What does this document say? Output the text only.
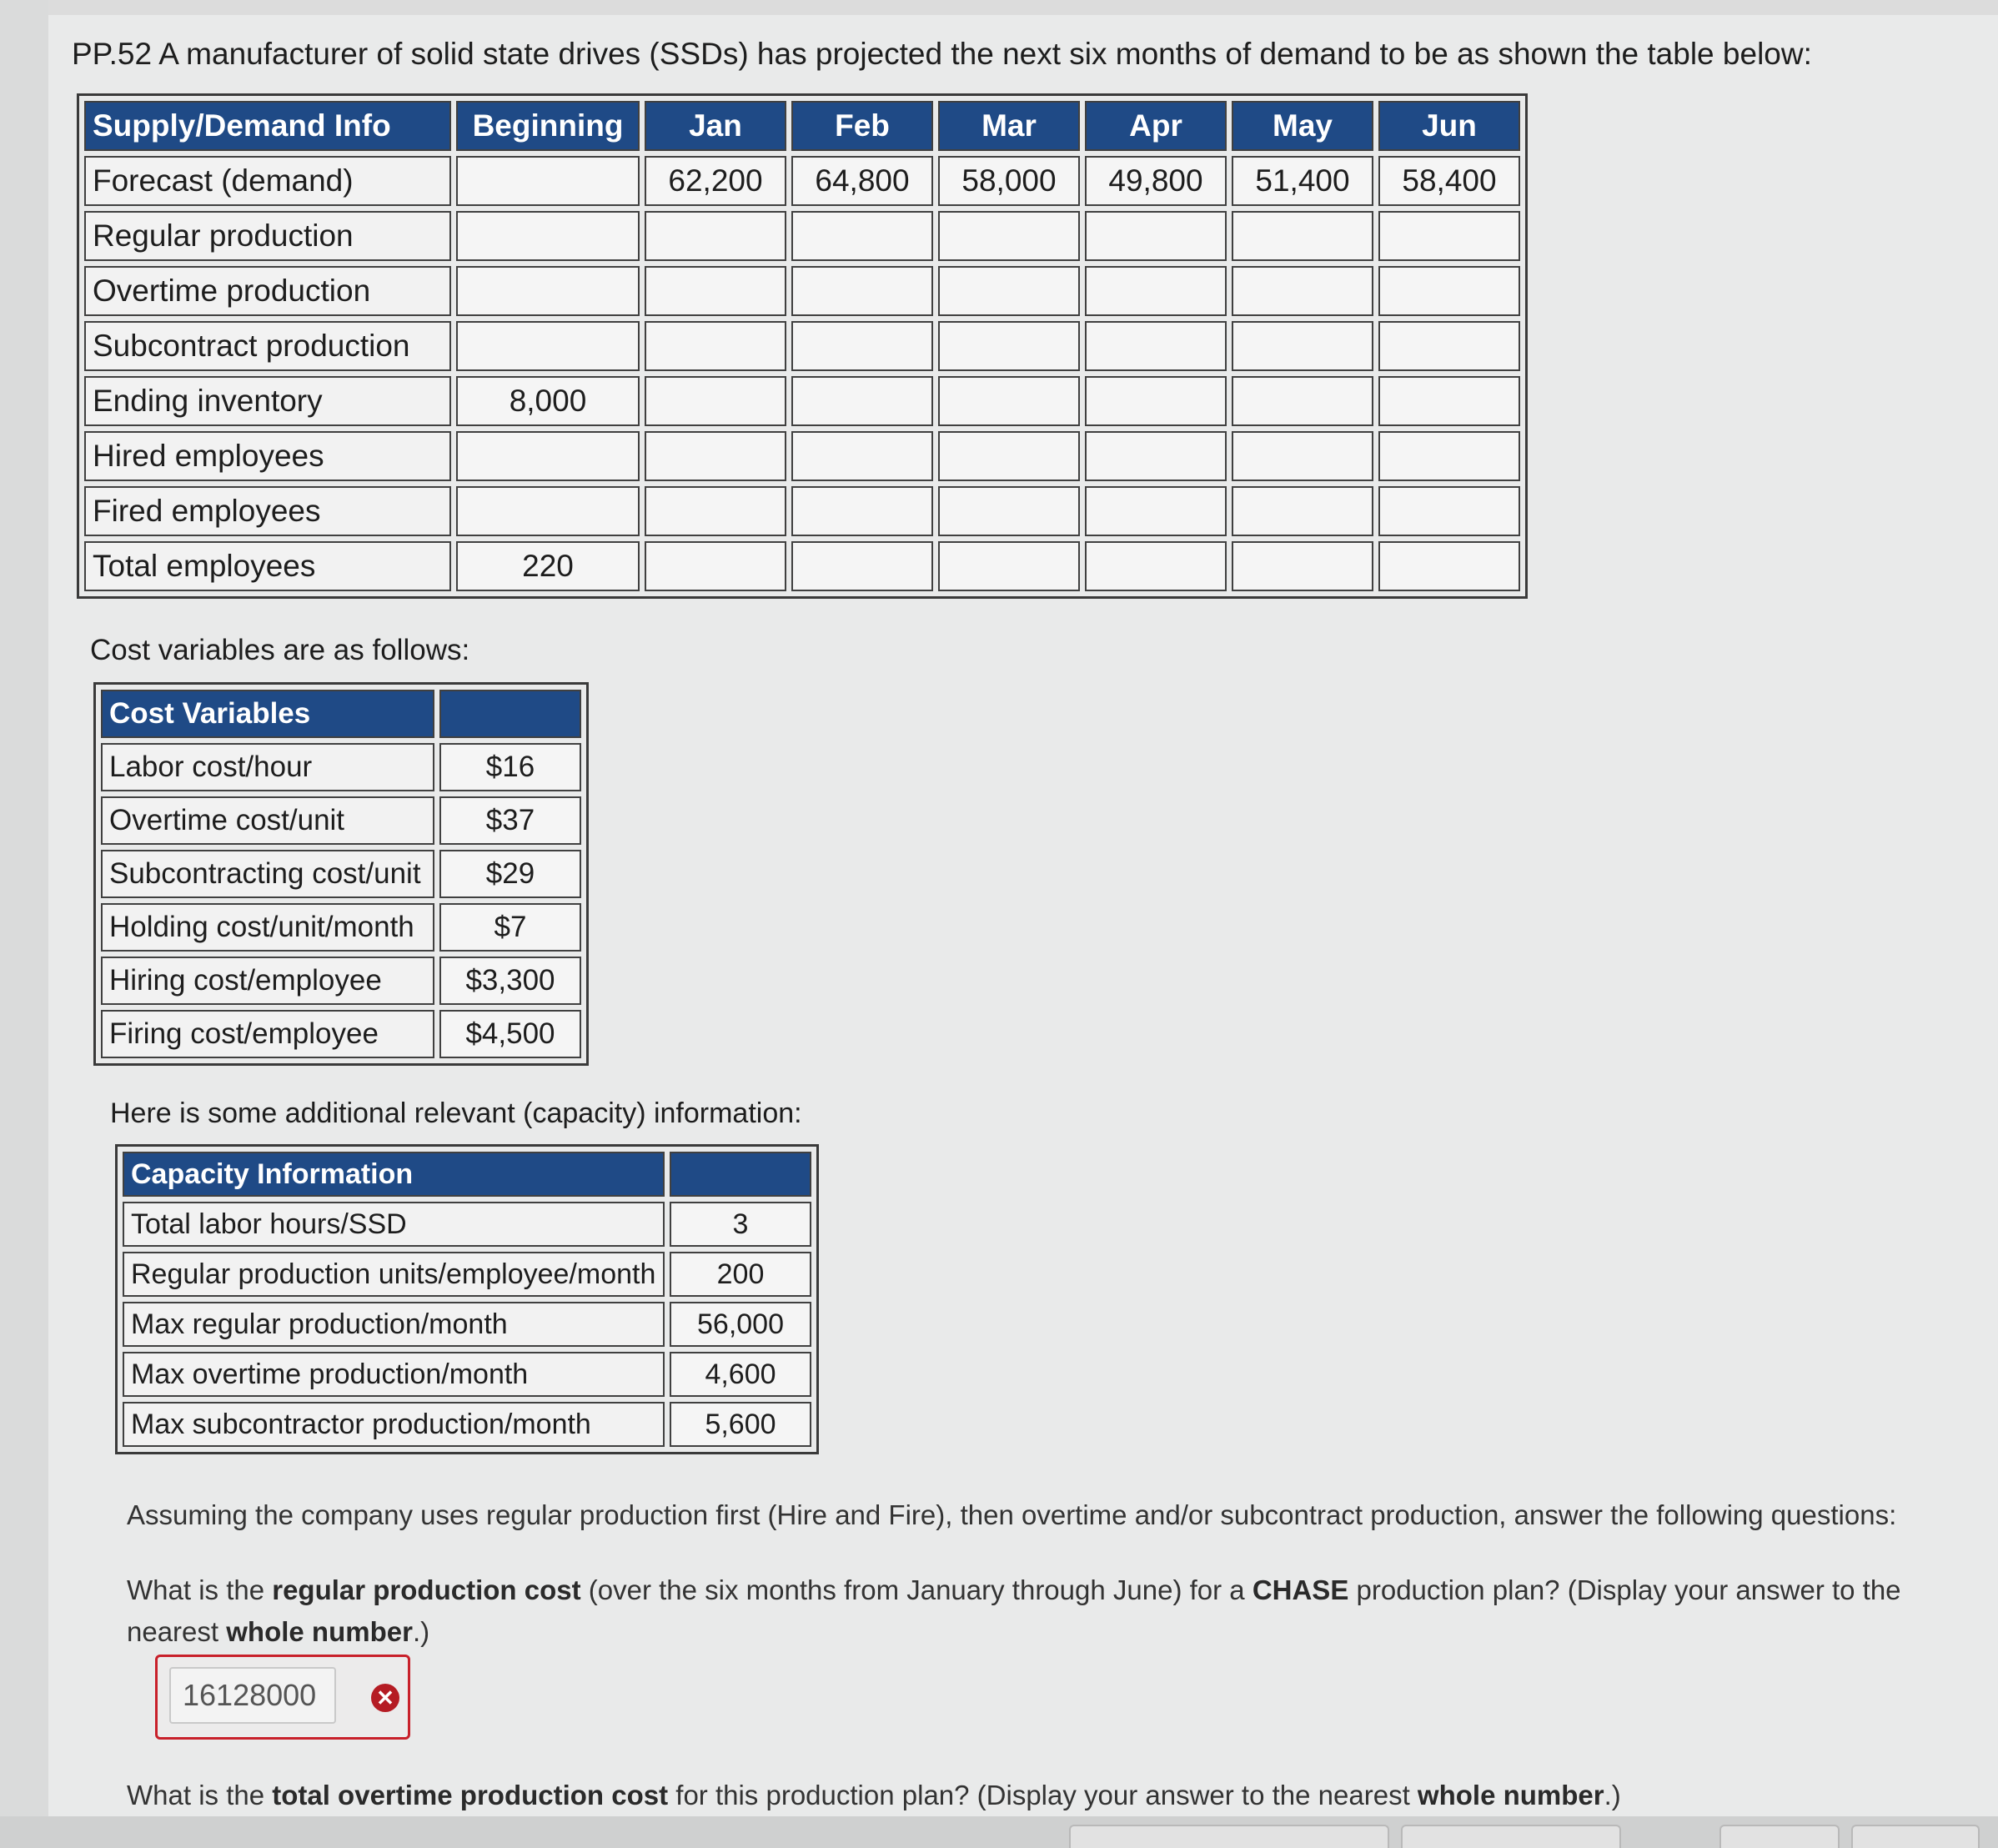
PP.52 A manufacturer of solid state drives (SSDs) has projected the next six months of demand to be as shown the table below:
Supply/Demand Info	Beginning	Jan	Feb	Mar	Apr	May	Jun
Forecast (demand)		62,200	64,800	58,000	49,800	51,400	58,400
Regular production							
Overtime production							
Subcontract production							
Ending inventory	8,000						
Hired employees							
Fired employees							
Total employees	220						
Cost variables are as follows:
Cost Variables	
Labor cost/hour	$16
Overtime cost/unit	$37
Subcontracting cost/unit	$29
Holding cost/unit/month	$7
Hiring cost/employee	$3,300
Firing cost/employee	$4,500
Here is some additional relevant (capacity) information:
Capacity Information	
Total labor hours/SSD	3
Regular production units/employee/month	200
Max regular production/month	56,000
Max overtime production/month	4,600
Max subcontractor production/month	5,600
Assuming the company uses regular production first (Hire and Fire), then overtime and/or subcontract production, answer the following questions:
What is the regular production cost (over the six months from January through June) for a CHASE production plan? (Display your answer to the nearest whole number.)
16128000
✕
What is the total overtime production cost for this production plan? (Display your answer to the nearest whole number.)
